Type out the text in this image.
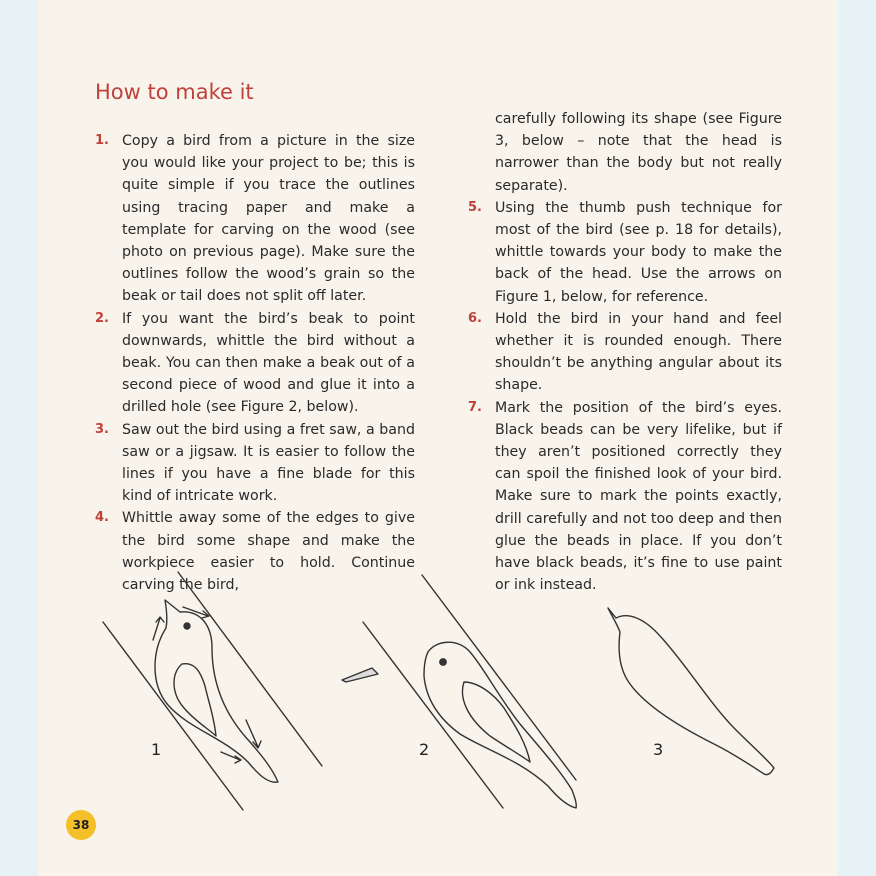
How to make it
1. Copy a bird from a picture in the size you would like your project to be; this is quite simple if you trace the outlines using tracing paper and make a template for carving on the wood (see photo on previous page). Make sure the outlines follow the wood’s grain so the beak or tail does not split off later.
2. If you want the bird’s beak to point downwards, whittle the bird without a beak. You can then make a beak out of a second piece of wood and glue it into a drilled hole (see Figure 2, below).
3. Saw out the bird using a fret saw, a band saw or a jigsaw. It is easier to follow the lines if you have a fine blade for this kind of intricate work.
4. Whittle away some of the edges to give the bird some shape and make the workpiece easier to hold. Continue carving the bird,
carefully following its shape (see Figure 3, below – note that the head is narrower than the body but not really separate).
5. Using the thumb push technique for most of the bird (see p. 18 for details), whittle towards your body to make the back of the head. Use the arrows on Figure 1, below, for reference.
6. Hold the bird in your hand and feel whether it is rounded enough. There shouldn’t be anything angular about its shape.
7. Mark the position of the bird’s eyes. Black beads can be very lifelike, but if they aren’t positioned correctly they can spoil the finished look of your bird. Make sure to mark the points exactly, drill carefully and not too deep and then glue the beads in place. If you don’t have black beads, it’s fine to use paint or ink instead.
1	2	3
38
